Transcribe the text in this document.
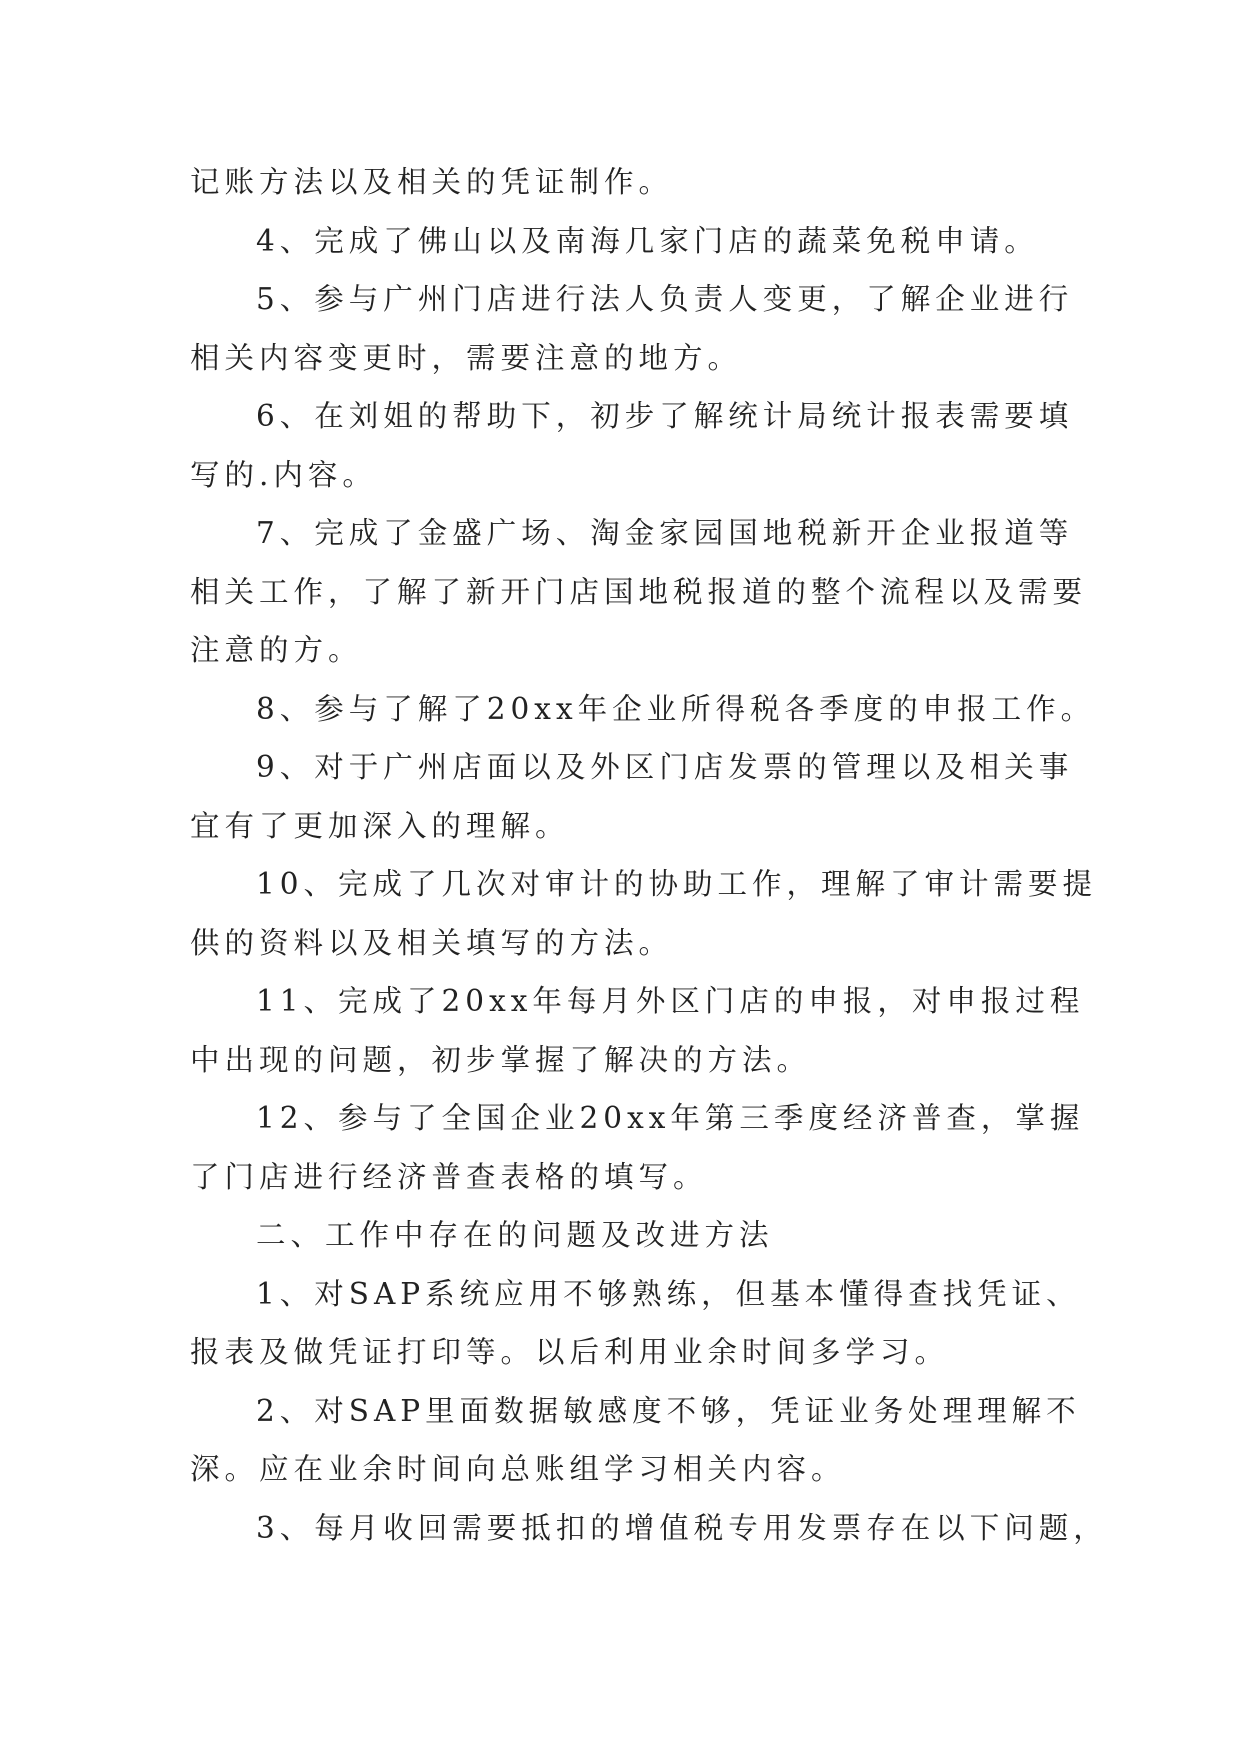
记账方法以及相关的凭证制作。

4、完成了佛山以及南海几家门店的蔬菜免税申请。

5、参与广州门店进行法人负责人变更，了解企业进行

相关内容变更时，需要注意的地方。

6、在刘姐的帮助下，初步了解统计局统计报表需要填

写的.内容。

7、完成了金盛广场、淘金家园国地税新开企业报道等

相关工作，了解了新开门店国地税报道的整个流程以及需要

注意的方。

8、参与了解了20xx年企业所得税各季度的申报工作。

9、对于广州店面以及外区门店发票的管理以及相关事

宜有了更加深入的理解。

10、完成了几次对审计的协助工作，理解了审计需要提

供的资料以及相关填写的方法。

11、完成了20xx年每月外区门店的申报，对申报过程

中出现的问题，初步掌握了解决的方法。

12、参与了全国企业20xx年第三季度经济普查，掌握

了门店进行经济普查表格的填写。

二、工作中存在的问题及改进方法

1、对SAP系统应用不够熟练，但基本懂得查找凭证、

报表及做凭证打印等。以后利用业余时间多学习。

2、对SAP里面数据敏感度不够，凭证业务处理理解不

深。应在业余时间向总账组学习相关内容。

3、每月收回需要抵扣的增值税专用发票存在以下问题，
